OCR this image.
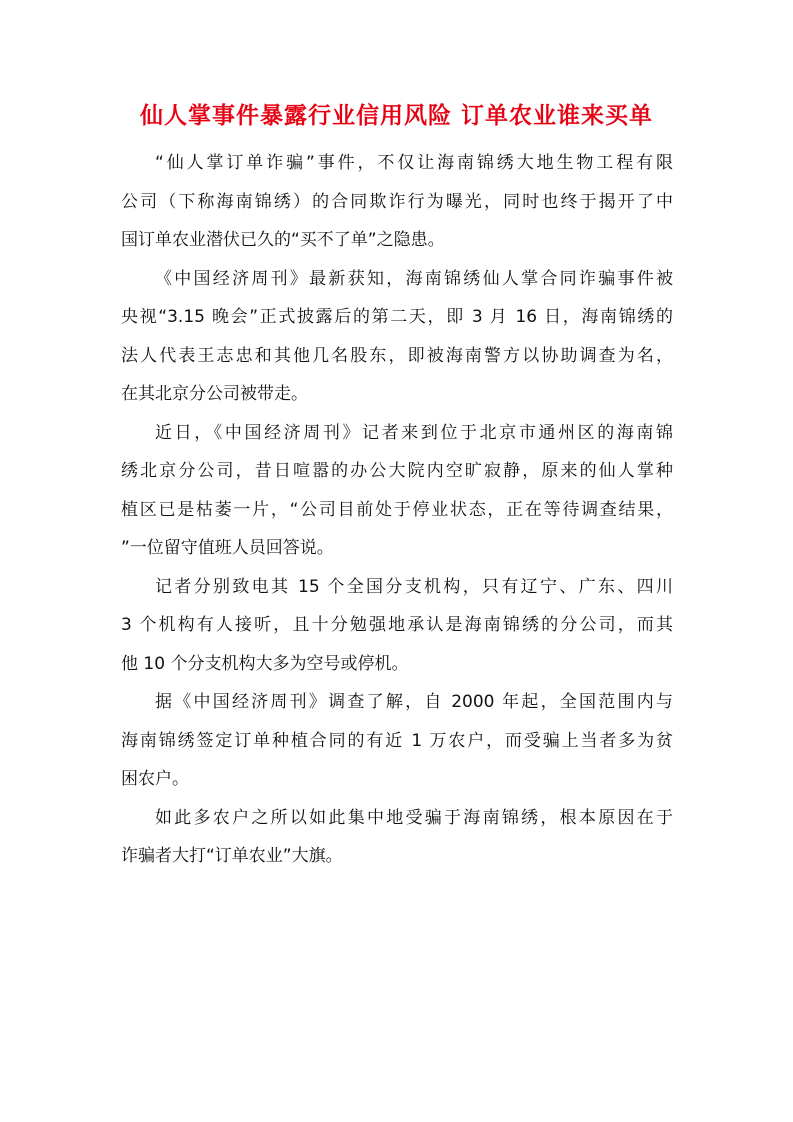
仙人掌事件暴露行业信用风险 订单农业谁来买单

“仙人掌订单诈骗”事件，不仅让海南锦绣大地生物工程有限
公司（下称海南锦绣）的合同欺诈行为曝光，同时也终于揭开了中
国订单农业潜伏已久的“买不了单”之隐患。

《中国经济周刊》最新获知，海南锦绣仙人掌合同诈骗事件被
央视“3.15 晚会”正式披露后的第二天，即 3 月 16 日，海南锦绣的
法人代表王志忠和其他几名股东，即被海南警方以协助调查为名，
在其北京分公司被带走。

近日，《中国经济周刊》记者来到位于北京市通州区的海南锦
绣北京分公司，昔日喧嚣的办公大院内空旷寂静，原来的仙人掌种
植区已是枯萎一片，“公司目前处于停业状态，正在等待调查结果，
”一位留守值班人员回答说。

记者分别致电其 15 个全国分支机构，只有辽宁、广东、四川
3 个机构有人接听，且十分勉强地承认是海南锦绣的分公司，而其
他 10 个分支机构大多为空号或停机。

据《中国经济周刊》调查了解，自 2000 年起，全国范围内与
海南锦绣签定订单种植合同的有近 1 万农户，而受骗上当者多为贫
困农户。

如此多农户之所以如此集中地受骗于海南锦绣，根本原因在于
诈骗者大打“订单农业”大旗。
